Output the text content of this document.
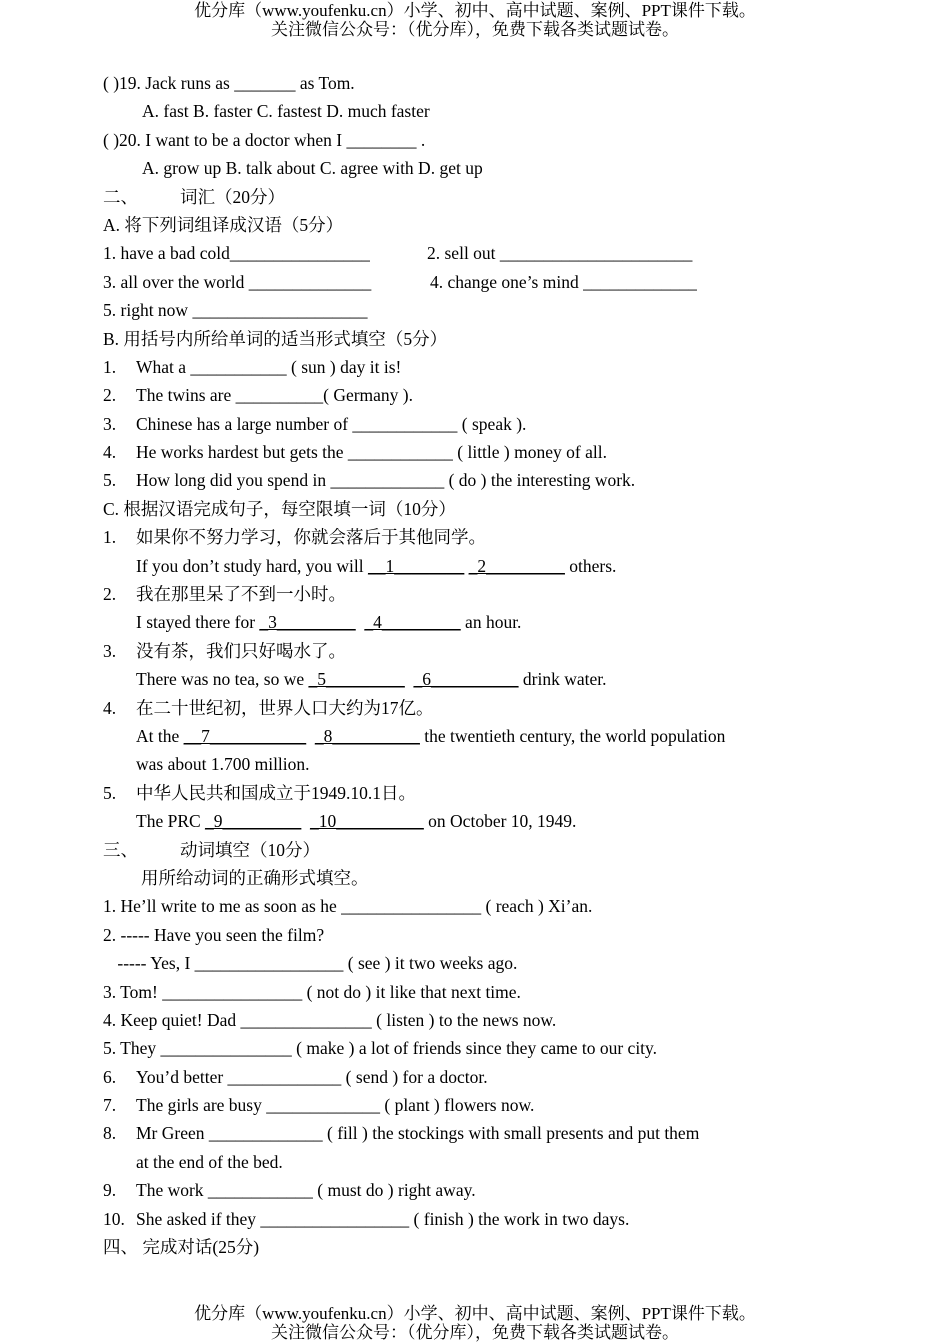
优分库（www.youfenku.cn）小学、初中、高中试题、案例、PPT课件下载。
关注微信公众号：（优分库），免费下载各类试题试卷。
( )19. Jack runs as _______ as Tom.
A. fast B. faster C. fastest D. much faster
( )20. I want to be a doctor when I ________ .
A. grow up B. talk about C. agree with D. get up
二、 词汇（20分）
A. 将下列词组译成汉语（5分）
1. have a bad cold________________	2. sell out ______________________
3. all over the world ______________	4. change one’s mind _____________
5. right now ____________________
B. 用括号内所给单词的适当形式填空（5分）
1. What a ___________ ( sun ) day it is!
2. The twins are __________( Germany ).
3. Chinese has a large number of ____________ ( speak ).
4. He works hardest but gets the ____________ ( little ) money of all.
5. How long did you spend in _____________ ( do ) the interesting work.
C. 根据汉语完成句子，每空限填一词（10分）
1. 如果你不努力学习，你就会落后于其他同学。
If you don’t study hard, you will __1________ _2_________ others.
2. 我在那里呆了不到一小时。
I stayed there for _3_________ _4_________ an hour.
3. 没有茶，我们只好喝水了。
There was no tea, so we _5_________ _6__________ drink water.
4. 在二十世纪初，世界人口大约为17亿。
At the __7___________ _8__________ the twentieth century, the world population
was about 1.700 million.
5. 中华人民共和国成立于1949.10.1日。
The PRC _9_________ _10__________ on October 10, 1949.
三、 动词填空（10分）
用所给动词的正确形式填空。
1. He’ll write to me as soon as he ________________ ( reach ) Xi’an.
2. ----- Have you seen the film?
----- Yes, I _________________ ( see ) it two weeks ago.
3. Tom! ________________ ( not do ) it like that next time.
4. Keep quiet! Dad _______________ ( listen ) to the news now.
5. They _______________ ( make ) a lot of friends since they came to our city.
6. You’d better _____________ ( send ) for a doctor.
7. The girls are busy _____________ ( plant ) flowers now.
8. Mr Green _____________ ( fill ) the stockings with small presents and put them
at the end of the bed.
9. The work ____________ ( must do ) right away.
10. She asked if they _________________ ( finish ) the work in two days.
四、 完成对话(25分)
优分库（www.youfenku.cn）小学、初中、高中试题、案例、PPT课件下载。
关注微信公众号：（优分库），免费下载各类试题试卷。
